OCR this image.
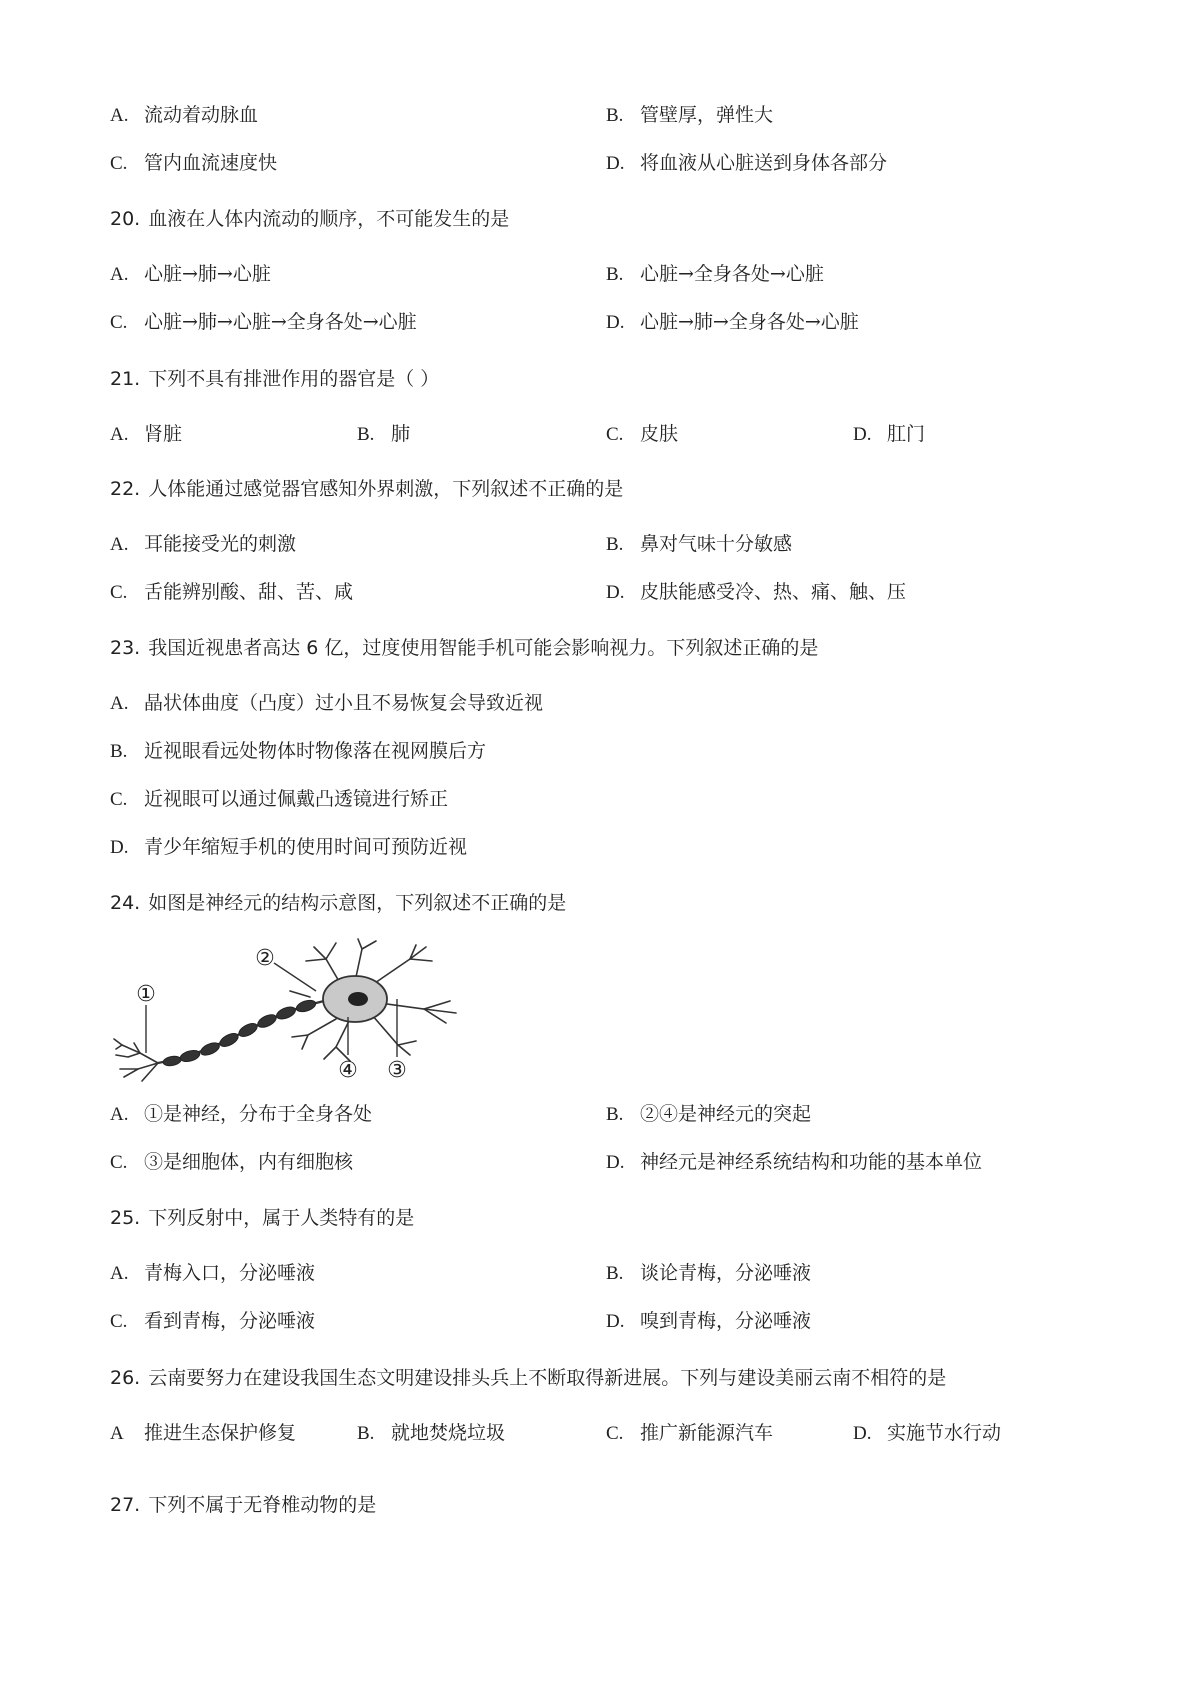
A. 流动着动脉血	B. 管壁厚，弹性大
C. 管内血流速度快	D. 将血液从心脏送到身体各部分
20. 血液在人体内流动的顺序，不可能发生的是
A. 心脏→肺→心脏	B. 心脏→全身各处→心脏
C. 心脏→肺→心脏→全身各处→心脏	D. 心脏→肺→全身各处→心脏
21. 下列不具有排泄作用的器官是（ ）
A. 肾脏	B. 肺	C. 皮肤	D. 肛门
22. 人体能通过感觉器官感知外界刺激，下列叙述不正确的是
A. 耳能接受光的刺激	B. 鼻对气味十分敏感
C. 舌能辨别酸、甜、苦、咸	D. 皮肤能感受冷、热、痛、触、压
23. 我国近视患者高达 6 亿，过度使用智能手机可能会影响视力。下列叙述正确的是
A. 晶状体曲度（凸度）过小且不易恢复会导致近视
B. 近视眼看远处物体时物像落在视网膜后方
C. 近视眼可以通过佩戴凸透镜进行矫正
D. 青少年缩短手机的使用时间可预防近视
24. 如图是神经元的结构示意图，下列叙述不正确的是
①
②
④ ③
A. ①是神经，分布于全身各处	B. ②④是神经元的突起
C. ③是细胞体，内有细胞核	D. 神经元是神经系统结构和功能的基本单位
25. 下列反射中，属于人类特有的是
A. 青梅入口，分泌唾液	B. 谈论青梅，分泌唾液
C. 看到青梅，分泌唾液	D. 嗅到青梅，分泌唾液
26. 云南要努力在建设我国生态文明建设排头兵上不断取得新进展。下列与建设美丽云南不相符的是
A 推进生态保护修复	B. 就地焚烧垃圾	C. 推广新能源汽车	D. 实施节水行动
27. 下列不属于无脊椎动物的是
